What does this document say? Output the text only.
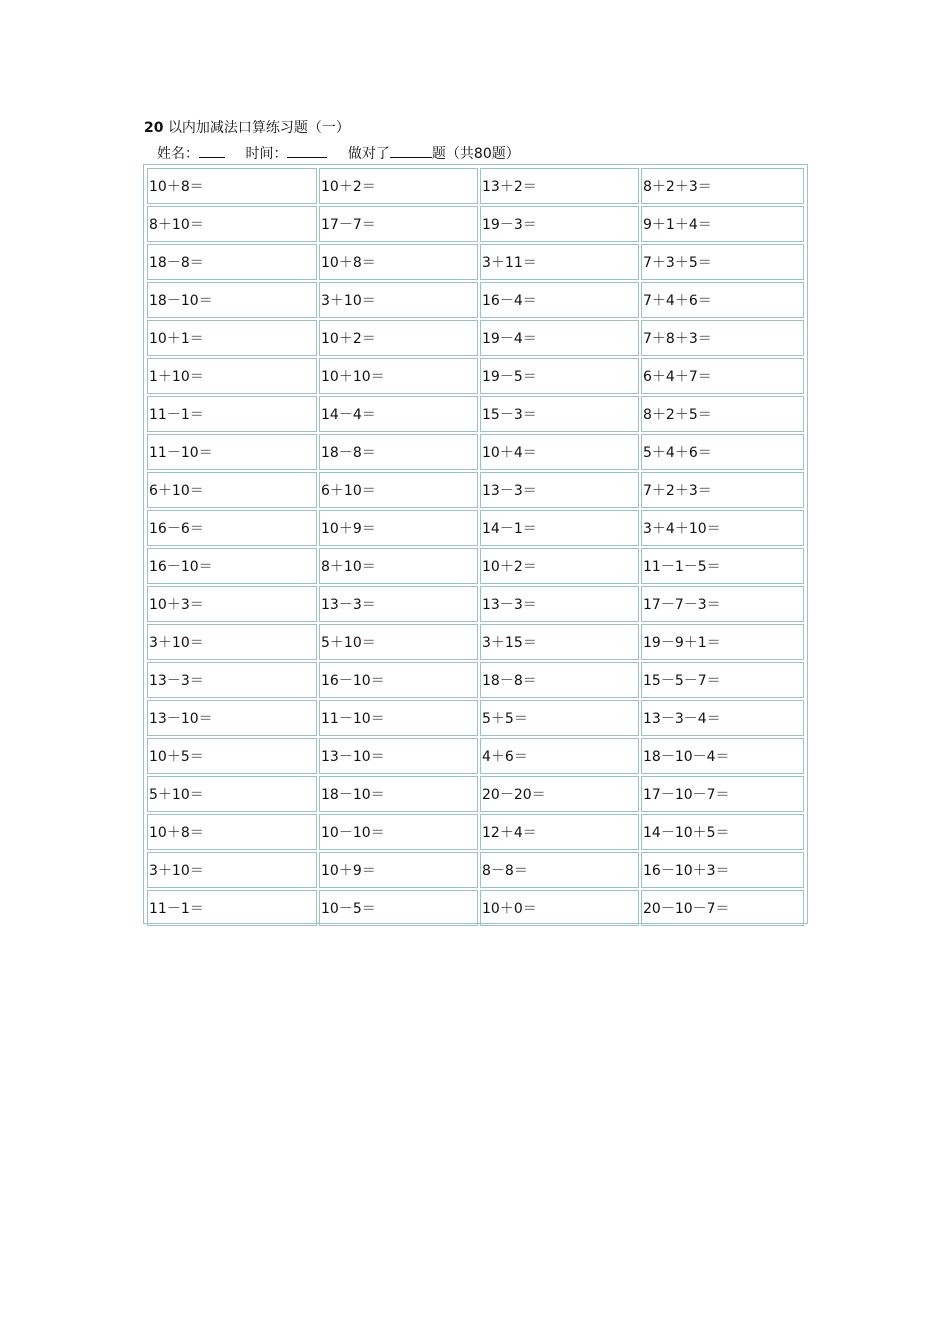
20 以内加减法口算练习题（一）
姓名：	时间：	做对了	题（共80题）
10＋8＝	10＋2＝	13＋2＝	8＋2＋3＝
8＋10＝	17－7＝	19－3＝	9＋1＋4＝
18－8＝	10＋8＝	3＋11＝	7＋3＋5＝
18－10＝	3＋10＝	16－4＝	7＋4＋6＝
10＋1＝	10＋2＝	19－4＝	7＋8＋3＝
1＋10＝	10＋10＝	19－5＝	6＋4＋7＝
11－1＝	14－4＝	15－3＝	8＋2＋5＝
11－10＝	18－8＝	10＋4＝	5＋4＋6＝
6＋10＝	6＋10＝	13－3＝	7＋2＋3＝
16－6＝	10＋9＝	14－1＝	3＋4＋10＝
16－10＝	8＋10＝	10＋2＝	11－1－5＝
10＋3＝	13－3＝	13－3＝	17－7－3＝
3＋10＝	5＋10＝	3＋15＝	19－9＋1＝
13－3＝	16－10＝	18－8＝	15－5－7＝
13－10＝	11－10＝	5＋5＝	13－3－4＝
10＋5＝	13－10＝	4＋6＝	18－10－4＝
5＋10＝	18－10＝	20－20＝	17－10－7＝
10＋8＝	10－10＝	12＋4＝	14－10＋5＝
3＋10＝	10＋9＝	8－8＝	16－10＋3＝
11－1＝	10－5＝	10＋0＝	20－10－7＝
